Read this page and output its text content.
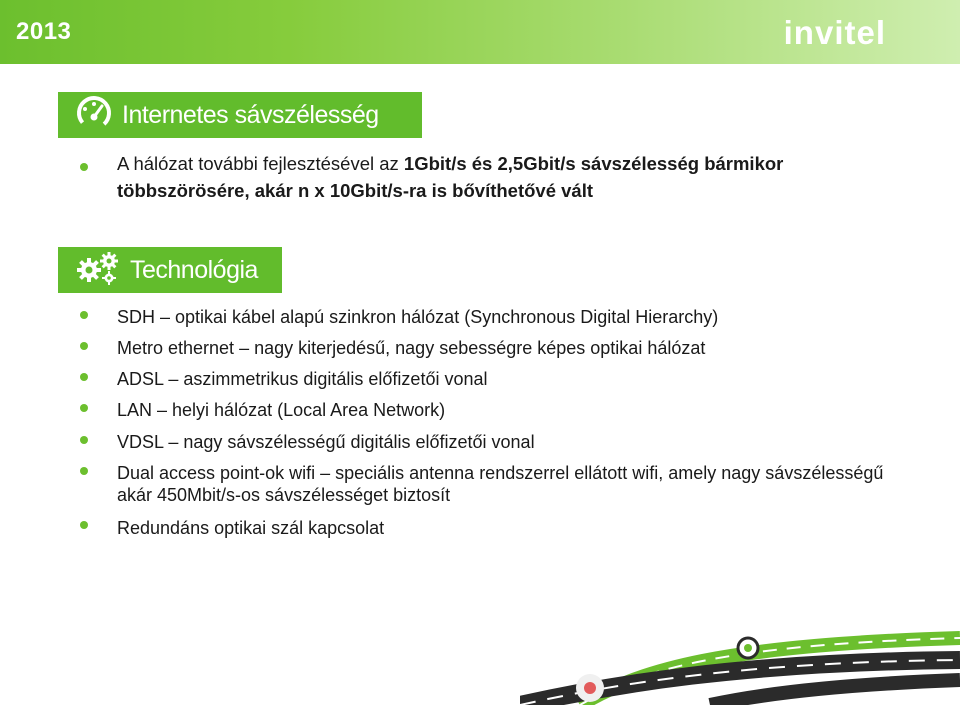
2013	invitel
Internetes sávszélesség
A hálózat további fejlesztésével az 1Gbit/s és 2,5Gbit/s sávszélesség bármikor többszörösére, akár n x 10Gbit/s-ra is bővíthetővé vált
Technológia
SDH – optikai kábel alapú szinkron hálózat (Synchronous Digital Hierarchy)
Metro ethernet – nagy kiterjedésű, nagy sebességre képes optikai hálózat
ADSL – aszimmetrikus digitális előfizetői vonal
LAN – helyi hálózat (Local Area Network)
VDSL – nagy sávszélességű digitális előfizetői vonal
Dual access point-ok wifi – speciális antenna rendszerrel ellátott wifi, amely nagy sávszélességű akár 450Mbit/s-os sávszélességet biztosít
Redundáns optikai szál kapcsolat
